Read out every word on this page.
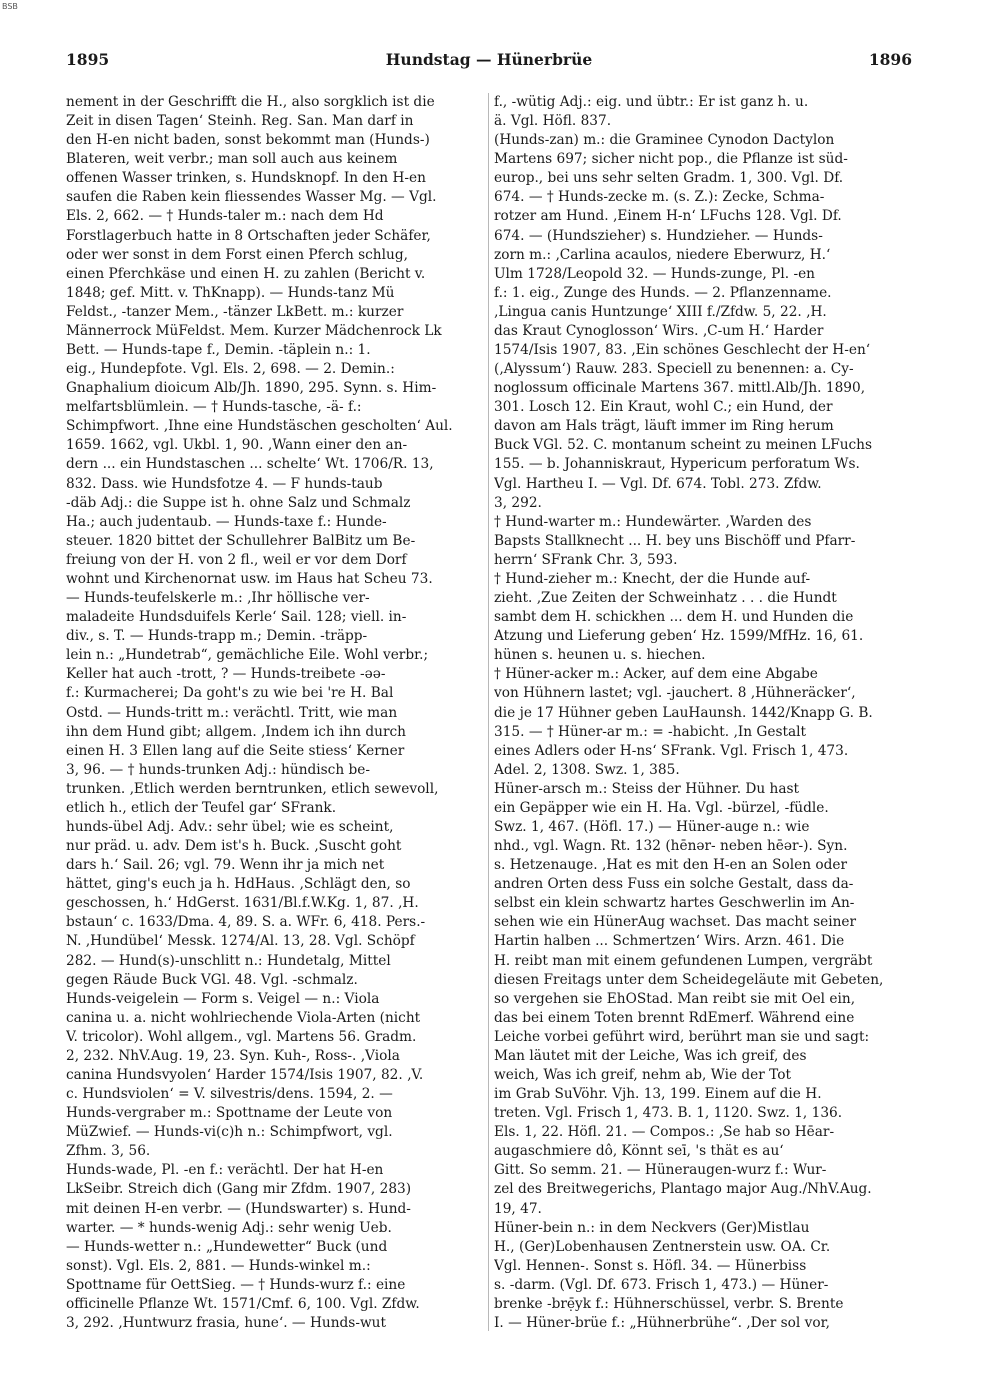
BSB
1895	Hundstag — Hünerbrüe	1896
nement in der Geschrifft die H., also sorgklich ist die
Zeit in disen Tagen‘ Steinh. Reg. San. Man darf in
den H-en nicht baden, sonst bekommt man (Hunds-)
Blateren, weit verbr.; man soll auch aus keinem
offenen Wasser trinken, s. Hundsknopf. In den H-en
saufen die Raben kein fliessendes Wasser Mg. — Vgl.
Els. 2, 662. — † Hunds-taler m.: nach dem Hd
Forstlagerbuch hatte in 8 Ortschaften jeder Schäfer,
oder wer sonst in dem Forst einen Pferch schlug,
einen Pferchkäse und einen H. zu zahlen (Bericht v.
1848; gef. Mitt. v. ThKnapp). — Hunds-tanz Mü
Feldst., -tanzer Mem., -tänzer LkBett. m.: kurzer
Männerrock MüFeldst. Mem. Kurzer Mädchenrock Lk
Bett. — Hunds-tape f., Demin. -täplein n.: 1.
eig., Hundepfote. Vgl. Els. 2, 698. — 2. Demin.:
Gnaphalium dioicum Alb/Jh. 1890, 295. Synn. s. Him-
melfartsblümlein. — † Hunds-tasche, -ä- f.:
Schimpfwort. ‚Ihne eine Hundstäschen gescholten‘ Aul.
1659. 1662, vgl. Ukbl. 1, 90. ‚Wann einer den an-
dern ... ein Hundstaschen ... schelte‘ Wt. 1706/R. 13,
832. Dass. wie Hundsfotze 4. — F hunds-taub
-däb Adj.: die Suppe ist h. ohne Salz und Schmalz
Ha.; auch judentaub. — Hunds-taxe f.: Hunde-
steuer. 1820 bittet der Schullehrer BalBitz um Be-
freiung von der H. von 2 fl., weil er vor dem Dorf
wohnt und Kirchenornat usw. im Haus hat Scheu 73.
— Hunds-teufelskerle m.: ‚Ihr höllische ver-
maladeite Hundsduifels Kerle‘ Sail. 128; viell. in-
div., s. T. — Hunds-trapp m.; Demin. -träpp-
lein n.: „Hundetrab“, gemächliche Eile. Wohl verbr.;
Keller hat auch -trott, ? — Hunds-treibete -ǝǝ-
f.: Kurmacherei; Da goht's zu wie bei 're H. Bal
Ostd. — Hunds-tritt m.: verächtl. Tritt, wie man
ihn dem Hund gibt; allgem. ‚Indem ich ihn durch
einen H. 3 Ellen lang auf die Seite stiess‘ Kerner
3, 96. — † hunds-trunken Adj.: hündisch be-
trunken. ‚Etlich werden berntrunken, etlich sewevoll,
etlich h., etlich der Teufel gar‘ SFrank.
hunds-übel Adj. Adv.: sehr übel; wie es scheint,
nur präd. u. adv. Dem ist's h. Buck. ‚Suscht goht
dars h.‘ Sail. 26; vgl. 79. Wenn ihr ja mich net
hättet, ging's euch ja h. HdHaus. ‚Schlägt den, so
geschossen, h.‘ HdGerst. 1631/Bl.f.W.Kg. 1, 87. ‚H.
bstaun‘ c. 1633/Dma. 4, 89. S. a. WFr. 6, 418. Pers.-
N. ‚Hundübel‘ Messk. 1274/Al. 13, 28. Vgl. Schöpf
282. — Hund(s)-unschlitt n.: Hundetalg, Mittel
gegen Räude Buck VGl. 48. Vgl. -schmalz.
Hunds-veigelein — Form s. Veigel — n.: Viola
canina u. a. nicht wohlriechende Viola-Arten (nicht
V. tricolor). Wohl allgem., vgl. Martens 56. Gradm.
2, 232. NhV.Aug. 19, 23. Syn. Kuh-, Ross-. ‚Viola
canina Hundsvyolen‘ Harder 1574/Isis 1907, 82. ‚V.
c. Hundsviolen‘ = V. silvestris/dens. 1594, 2. —
Hunds-vergraber m.: Spottname der Leute von
MüZwief. — Hunds-vi(c)h n.: Schimpfwort, vgl.
Zfhm. 3, 56.
Hunds-wade, Pl. -en f.: verächtl. Der hat H-en
LkSeibr. Streich dich (Gang mir Zfdm. 1907, 283)
mit deinen H-en verbr. — (Hundswarter) s. Hund-
warter. — * hunds-wenig Adj.: sehr wenig Ueb.
— Hunds-wetter n.: „Hundewetter“ Buck (und
sonst). Vgl. Els. 2, 881. — Hunds-winkel m.:
Spottname für OettSieg. — † Hunds-wurz f.: eine
officinelle Pflanze Wt. 1571/Cmf. 6, 100. Vgl. Zfdw.
3, 292. ‚Huntwurz frasia, hune‘. — Hunds-wut
f., -wütig Adj.: eig. und übtr.: Er ist ganz h. u.
ä. Vgl. Höfl. 837.
(Hunds-zan) m.: die Graminee Cynodon Dactylon
Martens 697; sicher nicht pop., die Pflanze ist süd-
europ., bei uns sehr selten Gradm. 1, 300. Vgl. Df.
674. — † Hunds-zecke m. (s. Z.): Zecke, Schma-
rotzer am Hund. ‚Einem H-n‘ LFuchs 128. Vgl. Df.
674. — (Hundszieher) s. Hundzieher. — Hunds-
zorn m.: ‚Carlina acaulos, niedere Eberwurz, H.‘
Ulm 1728/Leopold 32. — Hunds-zunge, Pl. -en
f.: 1. eig., Zunge des Hunds. — 2. Pflanzenname.
‚Lingua canis Huntzunge‘ XIII f./Zfdw. 5, 22. ‚H.
das Kraut Cynoglosson‘ Wirs. ‚C-um H.‘ Harder
1574/Isis 1907, 83. ‚Ein schönes Geschlecht der H-en‘
(‚Alyssum‘) Rauw. 283. Speciell zu benennen: a. Cy-
noglossum officinale Martens 367. mittl.Alb/Jh. 1890,
301. Losch 12. Ein Kraut, wohl C.; ein Hund, der
davon am Hals trägt, läuft immer im Ring herum
Buck VGl. 52. C. montanum scheint zu meinen LFuchs
155. — b. Johanniskraut, Hypericum perforatum Ws.
Vgl. Hartheu I. — Vgl. Df. 674. Tobl. 273. Zfdw.
3, 292.
† Hund-warter m.: Hundewärter. ‚Warden des
Bapsts Stallknecht ... H. bey uns Bischöff und Pfarr-
herrn‘ SFrank Chr. 3, 593.
† Hund-zieher m.: Knecht, der die Hunde auf-
zieht. ‚Zue Zeiten der Schweinhatz . . . die Hundt
sambt dem H. schickhen ... dem H. und Hunden die
Atzung und Lieferung geben‘ Hz. 1599/MfHz. 16, 61.
hünen s. heunen u. s. hiechen.
† Hüner-acker m.: Acker, auf dem eine Abgabe
von Hühnern lastet; vgl. -jauchert. 8 ‚Hühneräcker‘,
die je 17 Hühner geben LauHaunsh. 1442/Knapp G. B.
315. — † Hüner-ar m.: = -habicht. ‚In Gestalt
eines Adlers oder H-ns‘ SFrank. Vgl. Frisch 1, 473.
Adel. 2, 1308. Swz. 1, 385.
Hüner-arsch m.: Steiss der Hühner. Du hast
ein Gepäpper wie ein H. Ha. Vgl. -bürzel, -füdle.
Swz. 1, 467. (Höfl. 17.) — Hüner-auge n.: wie
nhd., vgl. Wagn. Rt. 132 (hēnǝr- neben hēǝr-). Syn.
s. Hetzenauge. ‚Hat es mit den H-en an Solen oder
andren Orten dess Fuss ein solche Gestalt, dass da-
selbst ein klein schwartz hartes Geschwerlin im An-
sehen wie ein HünerAug wachset. Das macht seiner
Hartin halben ... Schmertzen‘ Wirs. Arzn. 461. Die
H. reibt man mit einem gefundenen Lumpen, vergräbt
diesen Freitags unter dem Scheidegeläute mit Gebeten,
so vergehen sie EhOStad. Man reibt sie mit Oel ein,
das bei einem Toten brennt RdEmerf. Während eine
Leiche vorbei geführt wird, berührt man sie und sagt:
Man läutet mit der Leiche, Was ich greif, des
weich, Was ich greif, nehm ab, Wie der Tot
im Grab SuVöhr. Vjh. 13, 199. Einem auf die H.
treten. Vgl. Frisch 1, 473. B. 1, 1120. Swz. 1, 136.
Els. 1, 22. Höfl. 21. — Compos.: ‚Se hab so Hēar-
augaschmiere dô, Könnt seī, 's thät es au‘
Gitt. So semm. 21. — Hüneraugen-wurz f.: Wur-
zel des Breitwegerichs, Plantago major Aug./NhV.Aug.
19, 47.
Hüner-bein n.: in dem Neckvers (Ger)Mistlau
H., (Ger)Lobenhausen Zentnerstein usw. OA. Cr.
Vgl. Hennen-. Sonst s. Höfl. 34. — Hünerbiss
s. -darm. (Vgl. Df. 673. Frisch 1, 473.) — Hüner-
brenke -brẹ̄yk f.: Hühnerschüssel, verbr. S. Brente
I. — Hüner-brüe f.: „Hühnerbrühe“. ‚Der sol vor,
